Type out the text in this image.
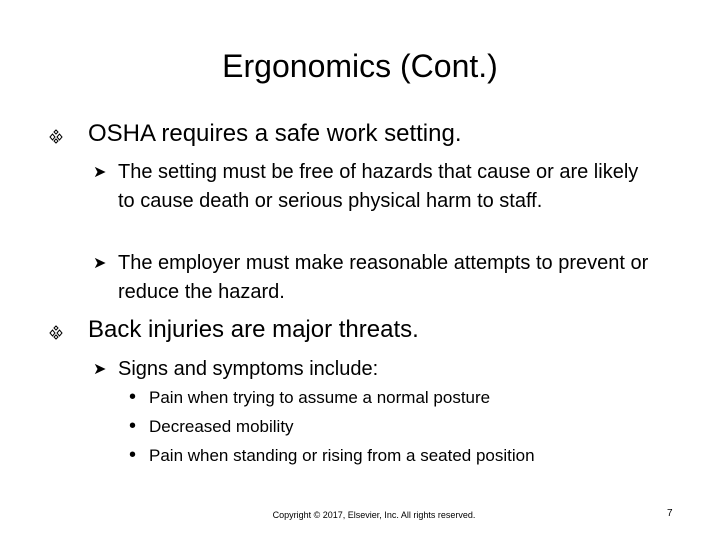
Ergonomics (Cont.)
OSHA requires a safe work setting.
➤ The setting must be free of hazards that cause or are likely to cause death or serious physical harm to staff.
➤ The employer must make reasonable attempts to prevent or reduce the hazard.
Back injuries are major threats.
➤ Signs and symptoms include:
• Pain when trying to assume a normal posture
• Decreased mobility
• Pain when standing or rising from a seated position
Copyright © 2017, Elsevier, Inc. All rights reserved.	7
